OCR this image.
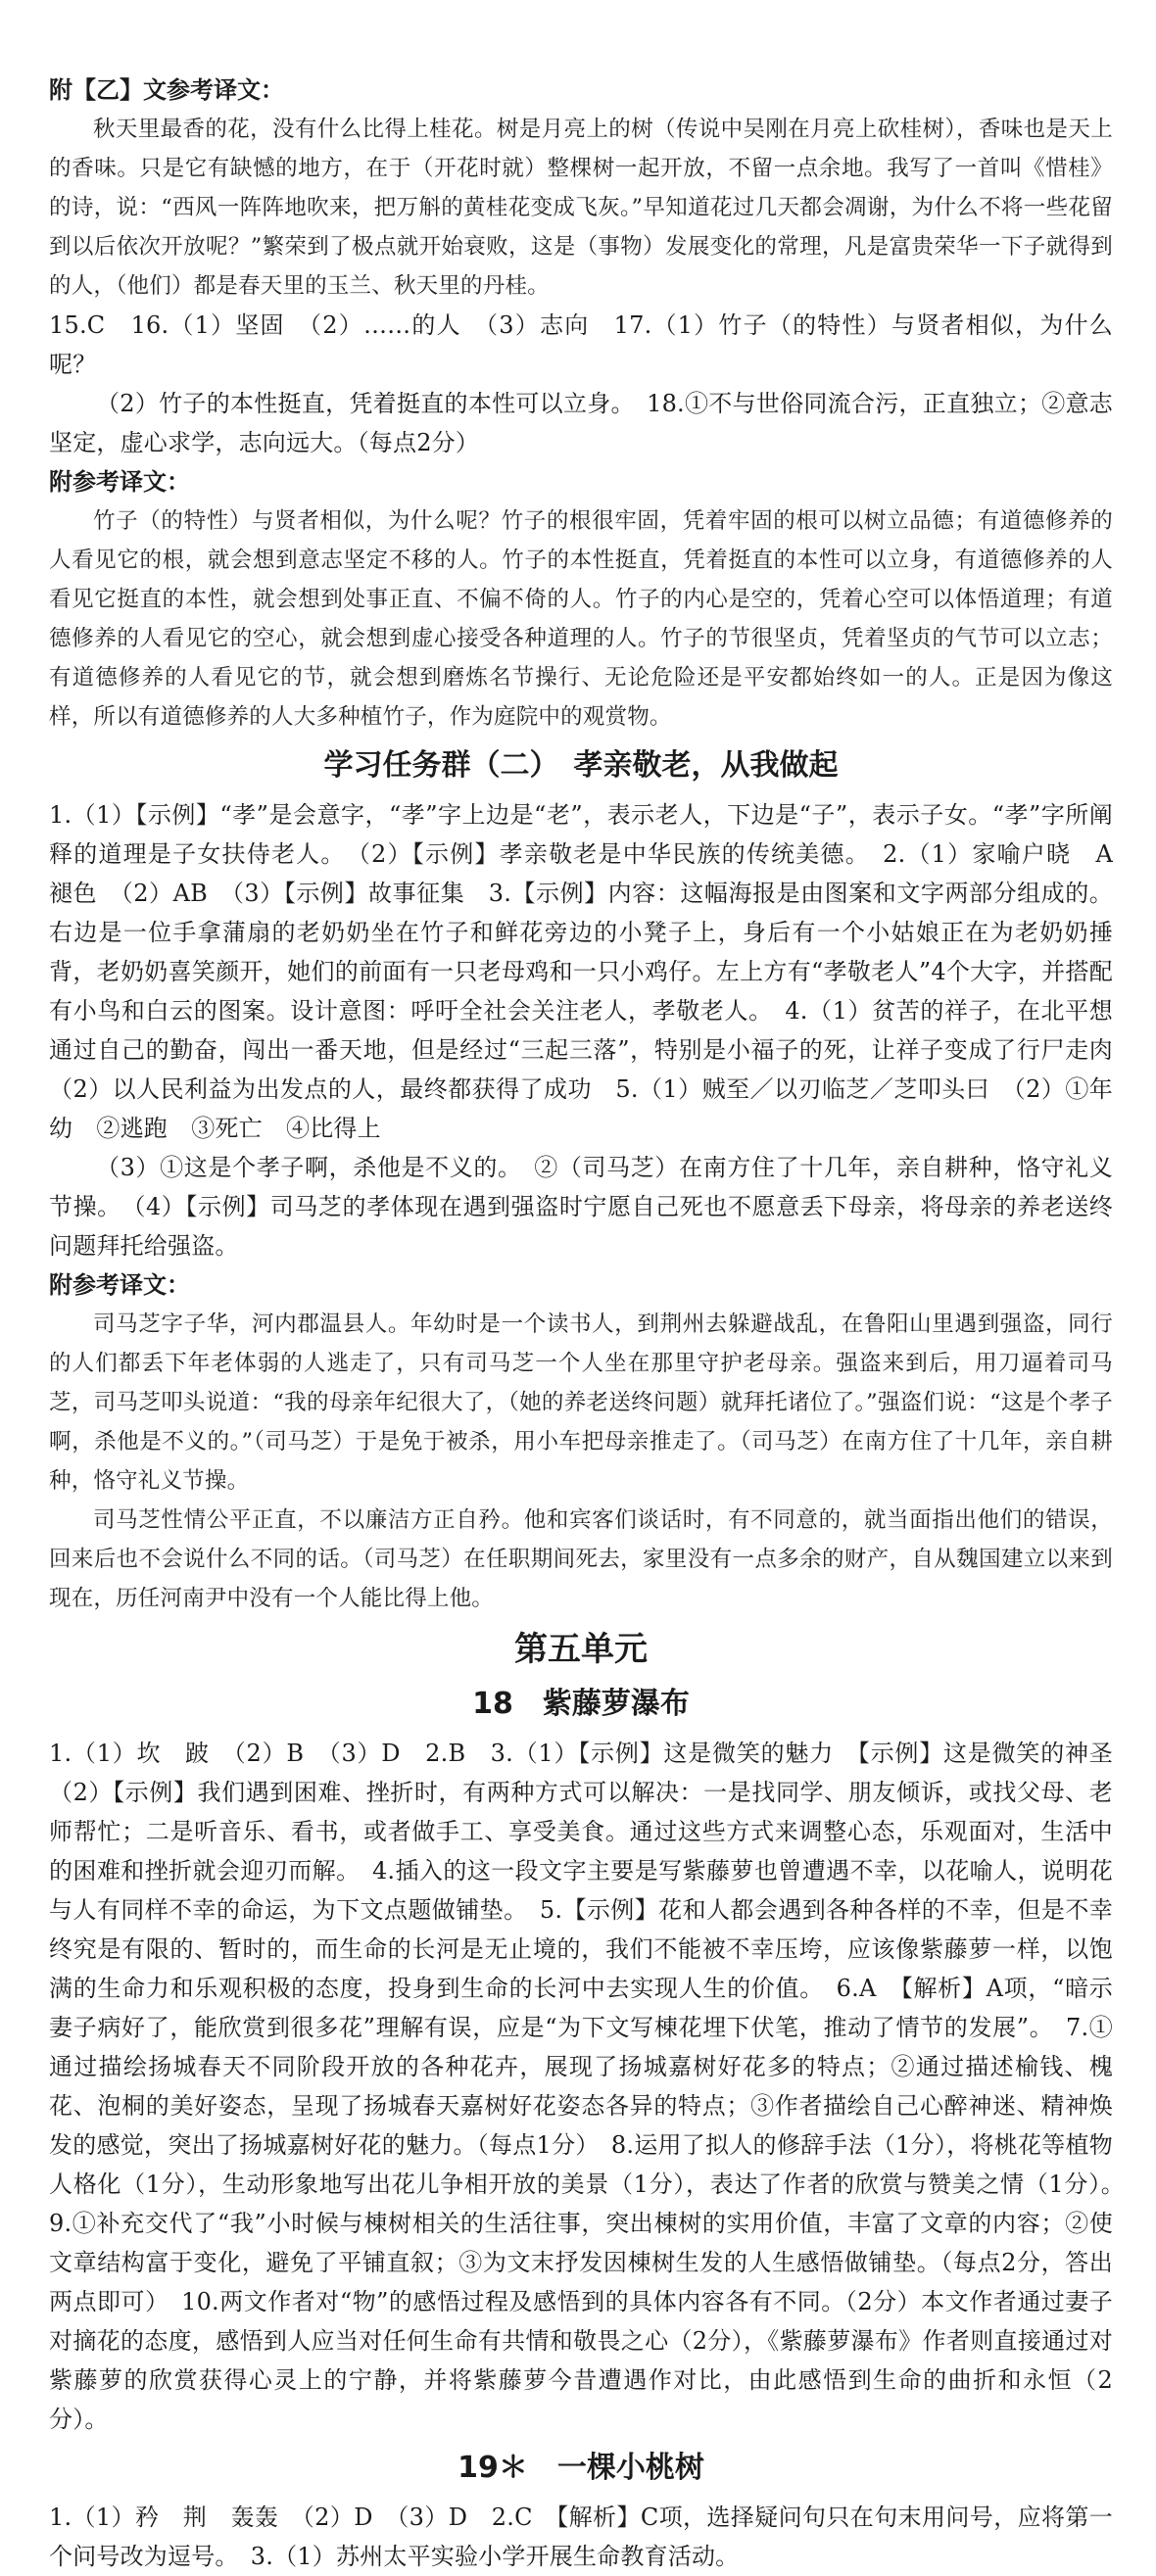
附【乙】文参考译文：

秋天里最香的花，没有什么比得上桂花。树是月亮上的树（传说中吴刚在月亮上砍桂树），香味也是天上的香味。只是它有缺憾的地方，在于（开花时就）整棵树一起开放，不留一点余地。我写了一首叫《惜桂》的诗，说：“西风一阵阵地吹来，把万斛的黄桂花变成飞灰。”早知道花过几天都会凋谢，为什么不将一些花留到以后依次开放呢？”繁荣到了极点就开始衰败，这是（事物）发展变化的常理，凡是富贵荣华一下子就得到的人，（他们）都是春天里的玉兰、秋天里的丹桂。

15.C　16.（1）坚固　（2）……的人　（3）志向　17.（1）竹子（的特性）与贤者相似，为什么呢？

（2）竹子的本性挺直，凭着挺直的本性可以立身。　18.①不与世俗同流合污，正直独立；②意志坚定，虚心求学，志向远大。（每点2分）

附参考译文：

竹子（的特性）与贤者相似，为什么呢？竹子的根很牢固，凭着牢固的根可以树立品德；有道德修养的人看见它的根，就会想到意志坚定不移的人。竹子的本性挺直，凭着挺直的本性可以立身，有道德修养的人看见它挺直的本性，就会想到处事正直、不偏不倚的人。竹子的内心是空的，凭着心空可以体悟道理；有道德修养的人看见它的空心，就会想到虚心接受各种道理的人。竹子的节很坚贞，凭着坚贞的气节可以立志；有道德修养的人看见它的节，就会想到磨炼名节操行、无论危险还是平安都始终如一的人。正是因为像这样，所以有道德修养的人大多种植竹子，作为庭院中的观赏物。

学习任务群（二）　孝亲敬老，从我做起

1.（1）【示例】“孝”是会意字，“孝”字上边是“老”，表示老人，下边是“子”，表示子女。“孝”字所阐释的道理是子女扶侍老人。　（2）【示例】孝亲敬老是中华民族的传统美德。　2.（1）家喻户晓　A　褪色　（2）AB　（3）【示例】故事征集　3.【示例】内容：这幅海报是由图案和文字两部分组成的。右边是一位手拿蒲扇的老奶奶坐在竹子和鲜花旁边的小凳子上，身后有一个小姑娘正在为老奶奶捶背，老奶奶喜笑颜开，她们的前面有一只老母鸡和一只小鸡仔。左上方有“孝敬老人”4个大字，并搭配有小鸟和白云的图案。设计意图：呼吁全社会关注老人，孝敬老人。　4.（1）贫苦的祥子，在北平想通过自己的勤奋，闯出一番天地，但是经过“三起三落”，特别是小福子的死，让祥子变成了行尸走肉　（2）以人民利益为出发点的人，最终都获得了成功　5.（1）贼至／以刃临芝／芝叩头曰　（2）①年幼　②逃跑　③死亡　④比得上

（3）①这是个孝子啊，杀他是不义的。　②（司马芝）在南方住了十几年，亲自耕种，恪守礼义节操。　（4）【示例】司马芝的孝体现在遇到强盗时宁愿自己死也不愿意丢下母亲，将母亲的养老送终问题拜托给强盗。

附参考译文：

司马芝字子华，河内郡温县人。年幼时是一个读书人，到荆州去躲避战乱，在鲁阳山里遇到强盗，同行的人们都丢下年老体弱的人逃走了，只有司马芝一个人坐在那里守护老母亲。强盗来到后，用刀逼着司马芝，司马芝叩头说道：“我的母亲年纪很大了，（她的养老送终问题）就拜托诸位了。”强盗们说：“这是个孝子啊，杀他是不义的。”（司马芝）于是免于被杀，用小车把母亲推走了。（司马芝）在南方住了十几年，亲自耕种，恪守礼义节操。

司马芝性情公平正直，不以廉洁方正自矜。他和宾客们谈话时，有不同意的，就当面指出他们的错误，回来后也不会说什么不同的话。（司马芝）在任职期间死去，家里没有一点多余的财产，自从魏国建立以来到现在，历任河南尹中没有一个人能比得上他。

第五单元
18　紫藤萝瀑布

1.（1）坎　跛　（2）B　（3）D　2.B　3.（1）【示例】这是微笑的魅力　【示例】这是微笑的神圣　（2）【示例】我们遇到困难、挫折时，有两种方式可以解决：一是找同学、朋友倾诉，或找父母、老师帮忙；二是听音乐、看书，或者做手工、享受美食。通过这些方式来调整心态，乐观面对，生活中的困难和挫折就会迎刃而解。　4.插入的这一段文字主要是写紫藤萝也曾遭遇不幸，以花喻人，说明花与人有同样不幸的命运，为下文点题做铺垫。　5.【示例】花和人都会遇到各种各样的不幸，但是不幸终究是有限的、暂时的，而生命的长河是无止境的，我们不能被不幸压垮，应该像紫藤萝一样，以饱满的生命力和乐观积极的态度，投身到生命的长河中去实现人生的价值。　6.A　【解析】A项，“暗示妻子病好了，能欣赏到很多花”理解有误，应是“为下文写棟花埋下伏笔，推动了情节的发展”。　7.①通过描绘扬城春天不同阶段开放的各种花卉，展现了扬城嘉树好花多的特点；②通过描述榆钱、槐花、泡桐的美好姿态，呈现了扬城春天嘉树好花姿态各异的特点；③作者描绘自己心醉神迷、精神焕发的感觉，突出了扬城嘉树好花的魅力。（每点1分）　8.运用了拟人的修辞手法（1分），将桃花等植物人格化（1分），生动形象地写出花儿争相开放的美景（1分），表达了作者的欣赏与赞美之情（1分）。　9.①补充交代了“我”小时候与棟树相关的生活往事，突出棟树的实用价值，丰富了文章的内容；②使文章结构富于变化，避免了平铺直叙；③为文末抒发因棟树生发的人生感悟做铺垫。（每点2分，答出两点即可）　10.两文作者对“物”的感悟过程及感悟到的具体内容各有不同。（2分）本文作者通过妻子对摘花的态度，感悟到人应当对任何生命有共情和敬畏之心（2分），《紫藤萝瀑布》作者则直接通过对紫藤萝的欣赏获得心灵上的宁静，并将紫藤萝今昔遭遇作对比，由此感悟到生命的曲折和永恒（2分）。

19＊　一棵小桃树

1.（1）矜　荆　轰轰　（2）D　（3）D　2.C　【解析】C项，选择疑问句只在句末用问号，应将第一个问号改为逗号。　3.（1）苏州太平实验小学开展生命教育活动。
